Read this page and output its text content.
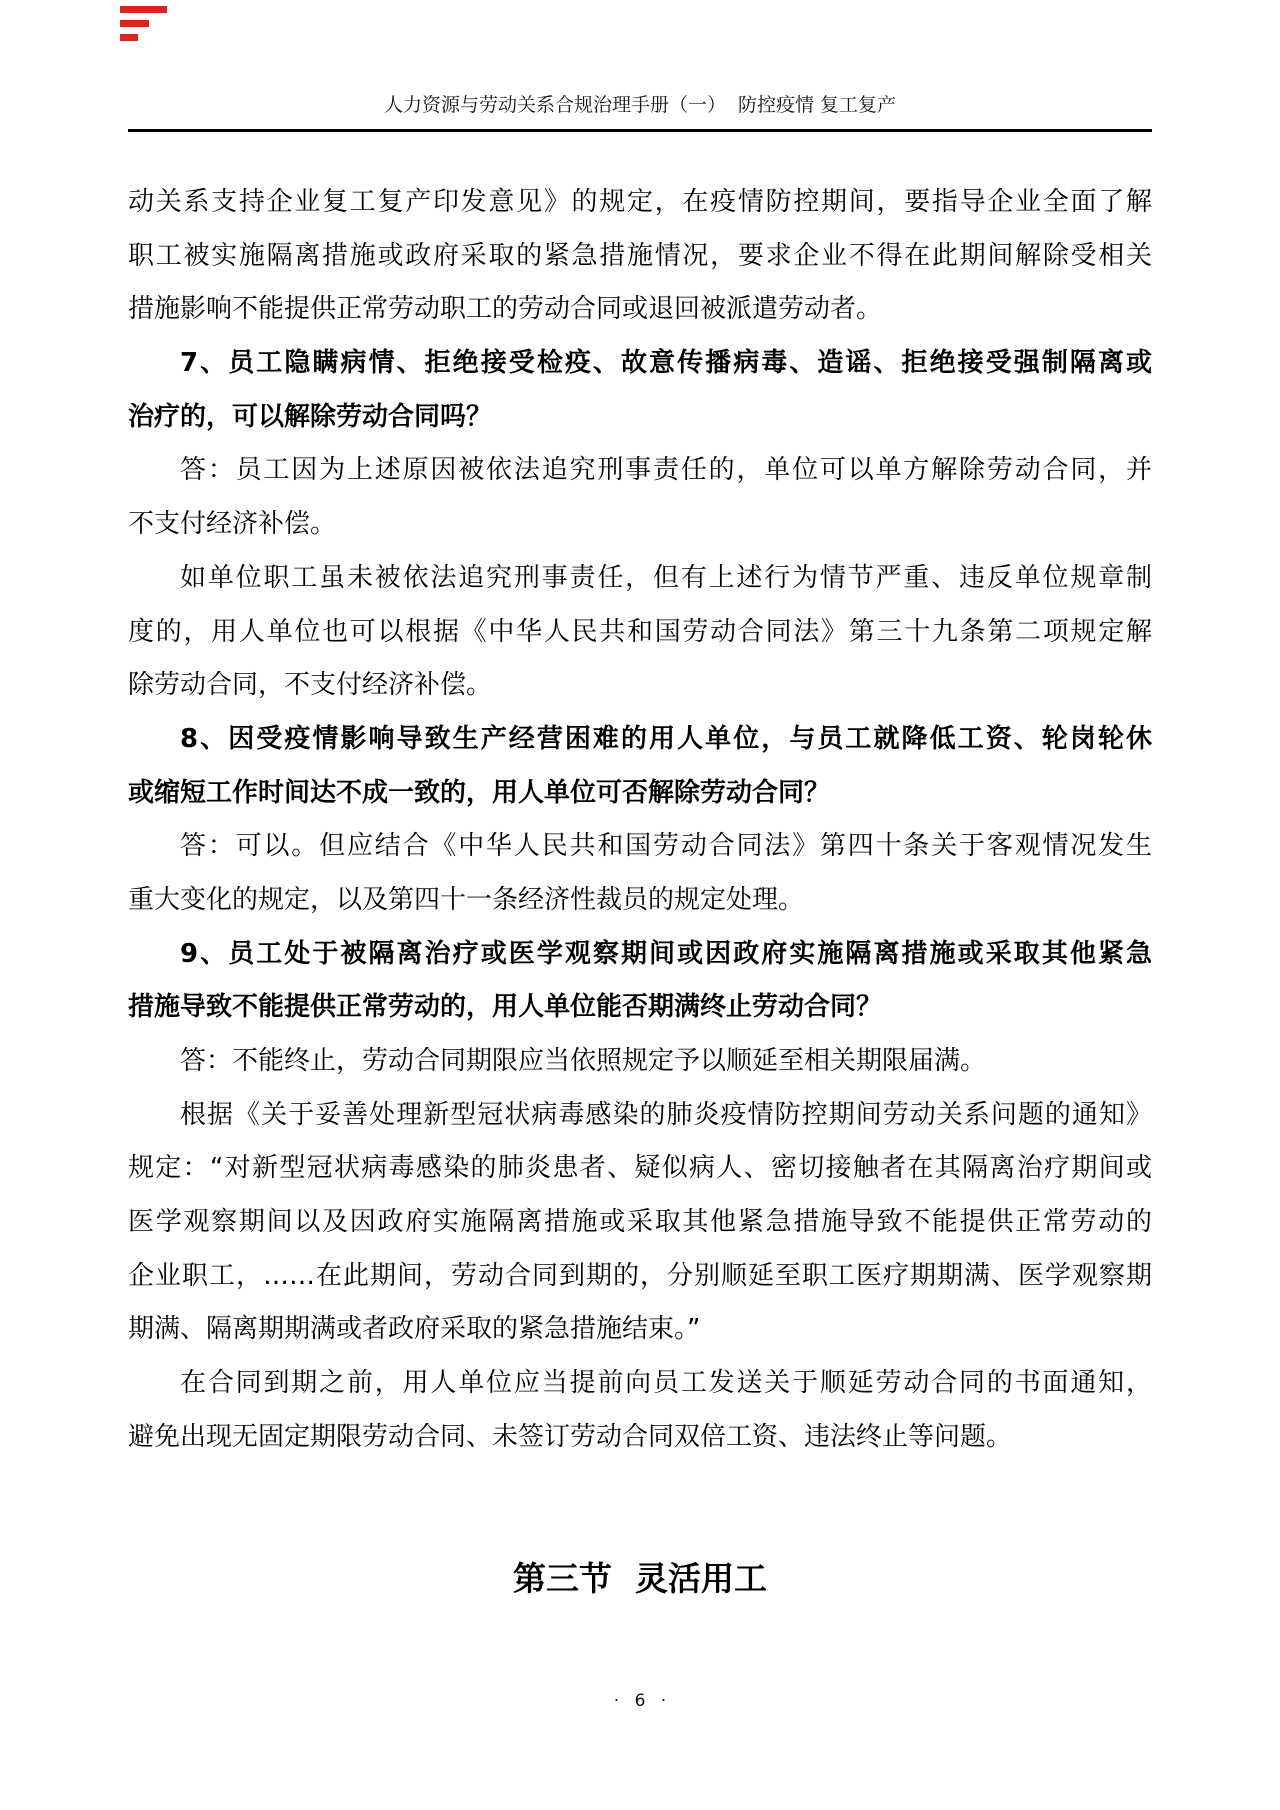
人力资源与劳动关系合规治理手册（一）  防控疫情 复工复产
动关系支持企业复工复产印发意见》的规定，在疫情防控期间，要指导企业全面了解
职工被实施隔离措施或政府采取的紧急措施情况，要求企业不得在此期间解除受相关
措施影响不能提供正常劳动职工的劳动合同或退回被派遣劳动者。
7、员工隐瞒病情、拒绝接受检疫、故意传播病毒、造谣、拒绝接受强制隔离或
治疗的，可以解除劳动合同吗？
答：员工因为上述原因被依法追究刑事责任的，单位可以单方解除劳动合同，并
不支付经济补偿。
如单位职工虽未被依法追究刑事责任，但有上述行为情节严重、违反单位规章制
度的，用人单位也可以根据《中华人民共和国劳动合同法》第三十九条第二项规定解
除劳动合同，不支付经济补偿。
8、因受疫情影响导致生产经营困难的用人单位，与员工就降低工资、轮岗轮休
或缩短工作时间达不成一致的，用人单位可否解除劳动合同？
答：可以。但应结合《中华人民共和国劳动合同法》第四十条关于客观情况发生
重大变化的规定，以及第四十一条经济性裁员的规定处理。
9、员工处于被隔离治疗或医学观察期间或因政府实施隔离措施或采取其他紧急
措施导致不能提供正常劳动的，用人单位能否期满终止劳动合同？
答：不能终止，劳动合同期限应当依照规定予以顺延至相关期限届满。
根据《关于妥善处理新型冠状病毒感染的肺炎疫情防控期间劳动关系问题的通知》
规定：“对新型冠状病毒感染的肺炎患者、疑似病人、密切接触者在其隔离治疗期间或
医学观察期间以及因政府实施隔离措施或采取其他紧急措施导致不能提供正常劳动的
企业职工，……在此期间，劳动合同到期的，分别顺延至职工医疗期期满、医学观察期
期满、隔离期期满或者政府采取的紧急措施结束。”
在合同到期之前，用人单位应当提前向员工发送关于顺延劳动合同的书面通知，
避免出现无固定期限劳动合同、未签订劳动合同双倍工资、违法终止等问题。
第三节  灵活用工
· 6 ·
